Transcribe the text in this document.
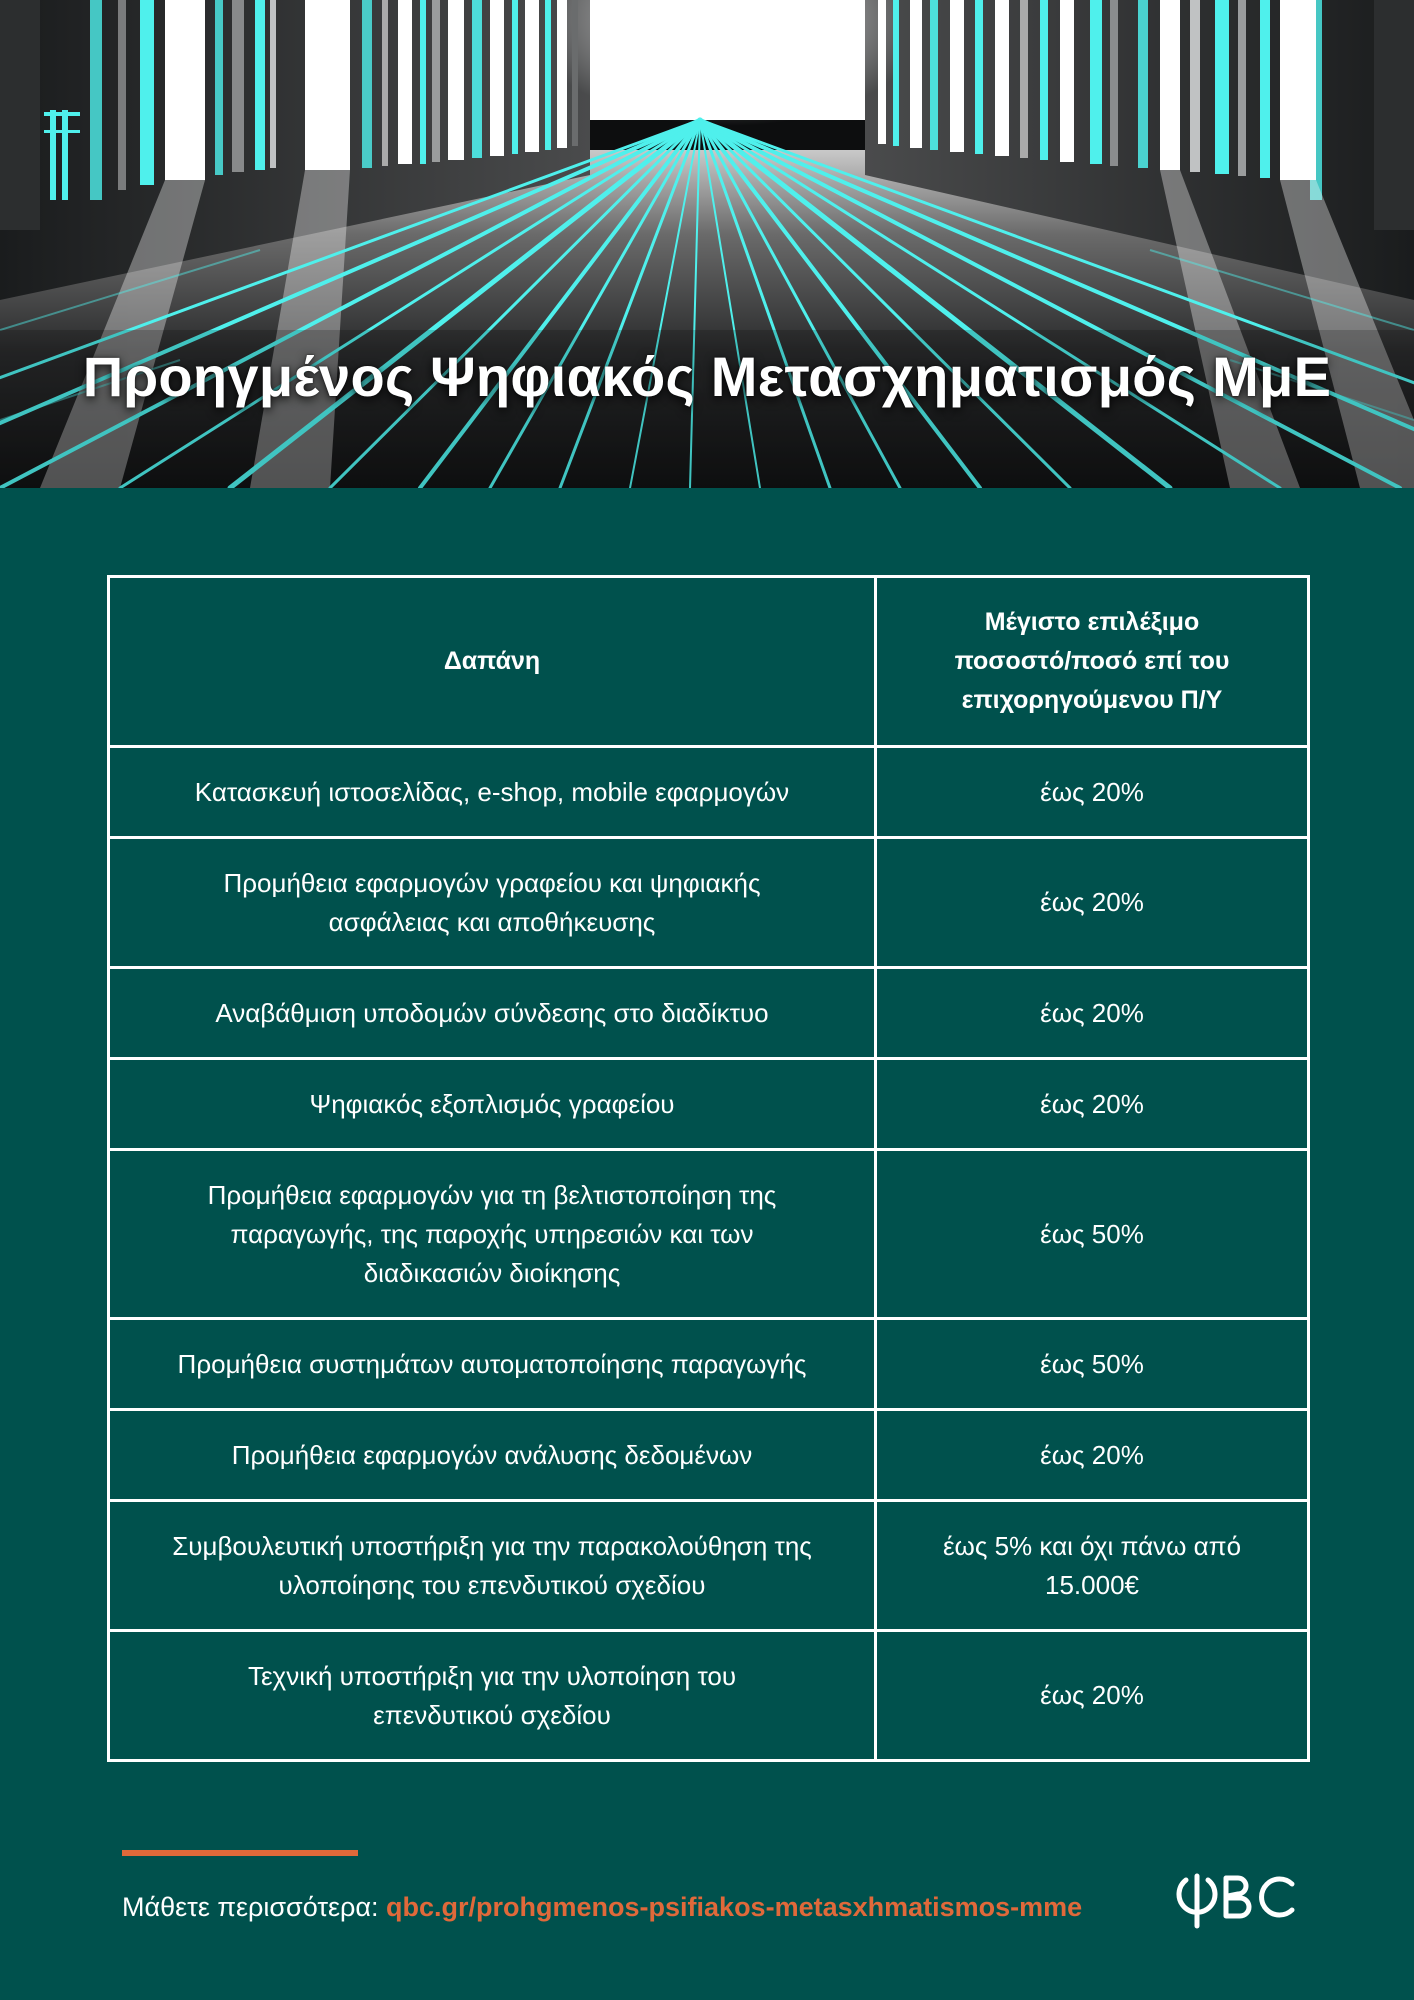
Προηγμένος Ψηφιακός Μετασχηματισμός ΜμΕ
Δαπάνη	Μέγιστο επιλέξιμο ποσοστό/ποσό επί του επιχορηγούμενου Π/Υ
Κατασκευή ιστοσελίδας, e-shop, mobile εφαρμογών	έως 20%
Προμήθεια εφαρμογών γραφείου και ψηφιακής ασφάλειας και αποθήκευσης	έως 20%
Αναβάθμιση υποδομών σύνδεσης στο διαδίκτυο	έως 20%
Ψηφιακός εξοπλισμός γραφείου	έως 20%
Προμήθεια εφαρμογών για τη βελτιστοποίηση της παραγωγής, της παροχής υπηρεσιών και των διαδικασιών διοίκησης	έως 50%
Προμήθεια συστημάτων αυτοματοποίησης παραγωγής	έως 50%
Προμήθεια εφαρμογών ανάλυσης δεδομένων	έως 20%
Συμβουλευτική υποστήριξη για την παρακολούθηση της υλοποίησης του επενδυτικού σχεδίου	έως 5% και όχι πάνω από 15.000€
Τεχνική υποστήριξη για την υλοποίηση του επενδυτικού σχεδίου	έως 20%
Μάθετε περισσότερα: qbc.gr/prohgmenos-psifiakos-metasxhmatismos-mme
